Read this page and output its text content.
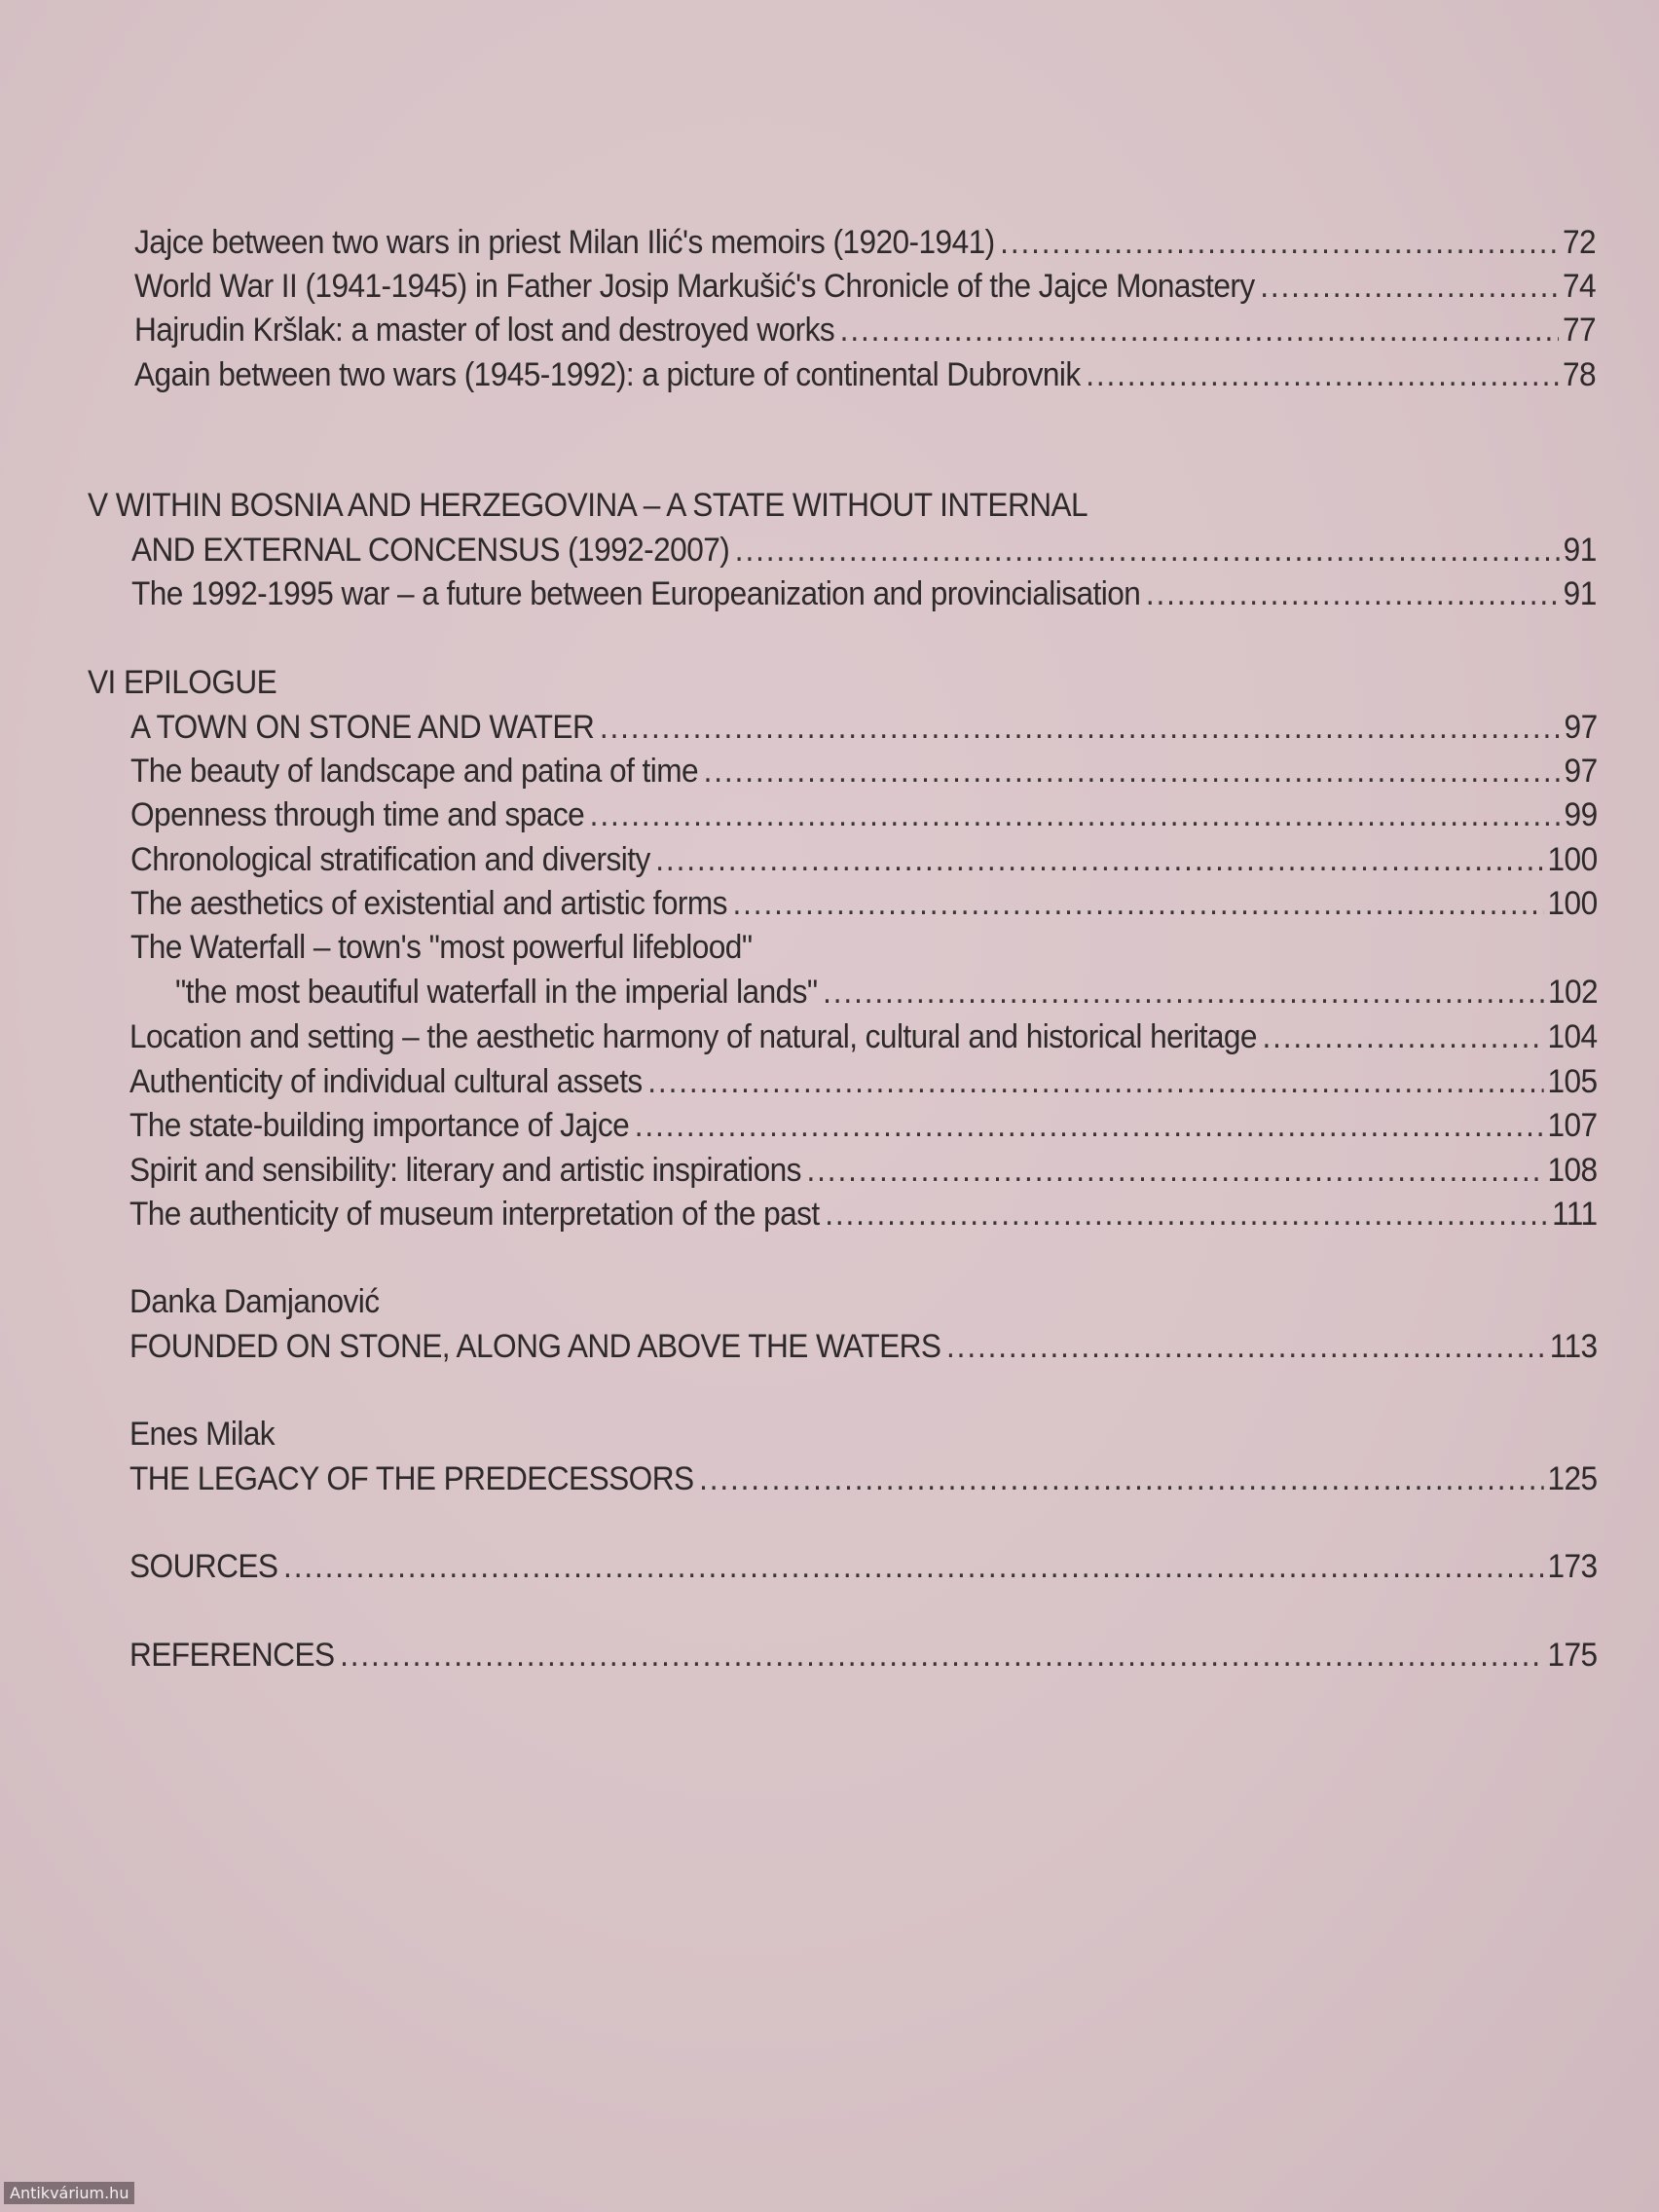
Jajce between two wars in priest Milan Ilić's memoirs (1920-1941) .....	72
World War II (1941-1945) in Father Josip Markušić's Chronicle of the Jajce Monastery .....	74
Hajrudin Kršlak: a master of lost and destroyed works .....	77
Again between two wars (1945-1992): a picture of continental Dubrovnik .....	78
V WITHIN BOSNIA AND HERZEGOVINA – A STATE WITHOUT INTERNAL
AND EXTERNAL CONCENSUS (1992-2007) .....	91
The 1992-1995 war – a future between Europeanization and provincialisation .....	91
VI EPILOGUE
A TOWN ON STONE AND WATER .....	97
The beauty of landscape and patina of time .....	97
Openness through time and space .....	99
Chronological stratification and diversity .....	100
The aesthetics of existential and artistic forms .....	100
The Waterfall – town's "most powerful lifeblood"
"the most beautiful waterfall in the imperial lands" .....	102
Location and setting – the aesthetic harmony of natural, cultural and historical heritage .....	104
Authenticity of individual cultural assets .....	105
The state-building importance of Jajce .....	107
Spirit and sensibility: literary and artistic inspirations .....	108
The authenticity of museum interpretation of the past .....	111
Danka Damjanović
FOUNDED ON STONE, ALONG AND ABOVE THE WATERS .....	113
Enes Milak
THE LEGACY OF THE PREDECESSORS .....	125
SOURCES .....	173
REFERENCES .....	175
Antikvárium.hu
